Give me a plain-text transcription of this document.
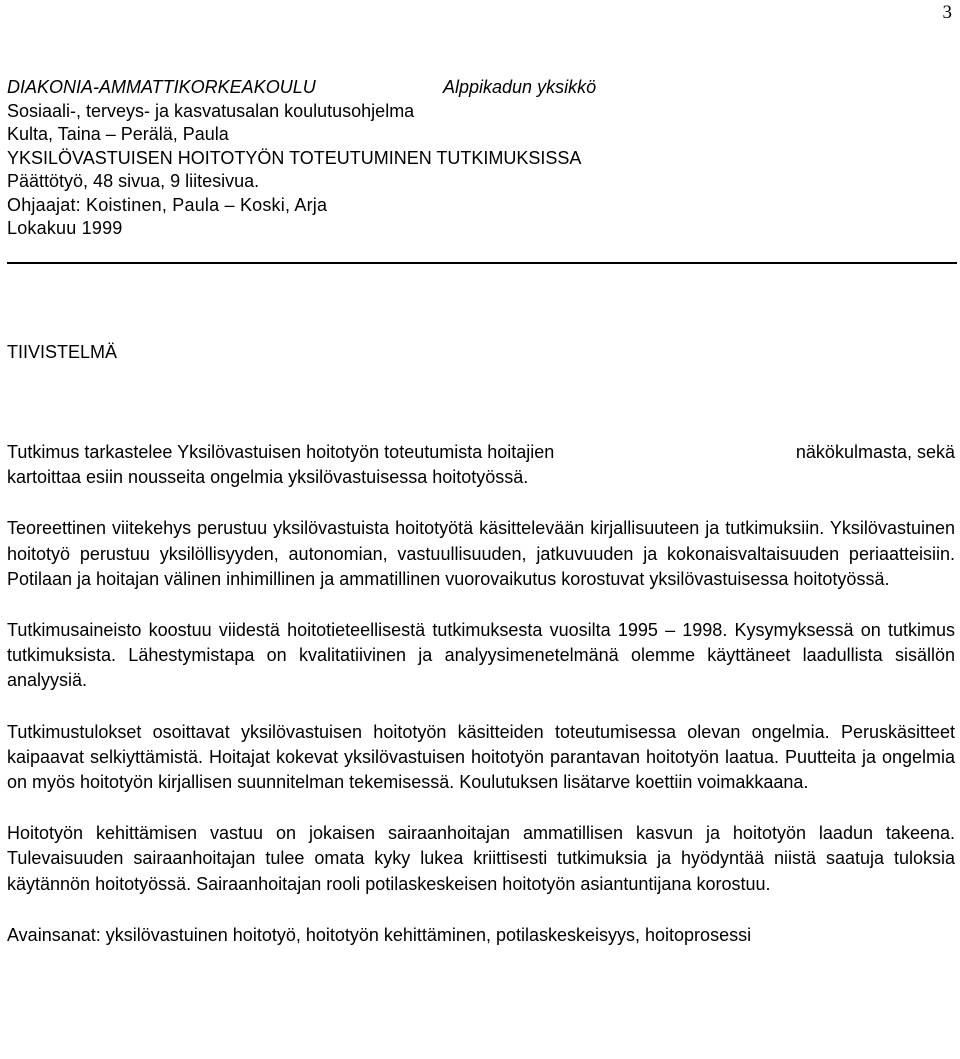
3
DIAKONIA-AMMATTIKORKEAKOULU	Alppikadun yksikkö
Sosiaali-, terveys- ja kasvatusalan koulutusohjelma
Kulta, Taina – Perälä, Paula
YKSILÖVASTUISEN HOITOTYÖN TOTEUTUMINEN TUTKIMUKSISSA
Päättötyö, 48 sivua, 9 liitesivua.
Ohjaajat: Koistinen, Paula – Koski, Arja
Lokakuu 1999
TIIVISTELMÄ

Tutkimus tarkastelee Yksilövastuisen hoitotyön toteutumista hoitajien	näkökulmasta, sekä
kartoittaa esiin nousseita ongelmia yksilövastuisessa hoitotyössä.

Teoreettinen viitekehys perustuu yksilövastuista hoitotyötä käsittelevään kirjallisuuteen ja tutkimuksiin. Yksilövastuinen hoitotyö perustuu yksilöllisyyden, autonomian, vastuullisuuden, jatkuvuuden ja kokonaisvaltaisuuden periaatteisiin. Potilaan ja hoitajan välinen inhimillinen ja ammatillinen vuorovaikutus korostuvat yksilövastuisessa hoitotyössä.

Tutkimusaineisto koostuu viidestä hoitotieteellisestä tutkimuksesta vuosilta 1995 – 1998. Kysymyksessä on tutkimus tutkimuksista. Lähestymistapa on kvalitatiivinen ja analyysimenetelmänä olemme käyttäneet laadullista sisällön analyysiä.

Tutkimustulokset osoittavat yksilövastuisen hoitotyön käsitteiden toteutumisessa olevan ongelmia. Peruskäsitteet kaipaavat selkiyttämistä. Hoitajat kokevat yksilövastuisen hoitotyön parantavan hoitotyön laatua. Puutteita ja ongelmia on myös hoitotyön kirjallisen suunnitelman tekemisessä. Koulutuksen lisätarve koettiin voimakkaana.

Hoitotyön kehittämisen vastuu on jokaisen sairaanhoitajan ammatillisen kasvun ja hoitotyön laadun takeena. Tulevaisuuden sairaanhoitajan tulee omata kyky lukea kriittisesti tutkimuksia ja hyödyntää niistä saatuja tuloksia käytännön hoitotyössä. Sairaanhoitajan rooli potilaskeskeisen hoitotyön asiantuntijana korostuu.

Avainsanat: yksilövastuinen hoitotyö, hoitotyön kehittäminen, potilaskeskeisyys, hoitoprosessi
